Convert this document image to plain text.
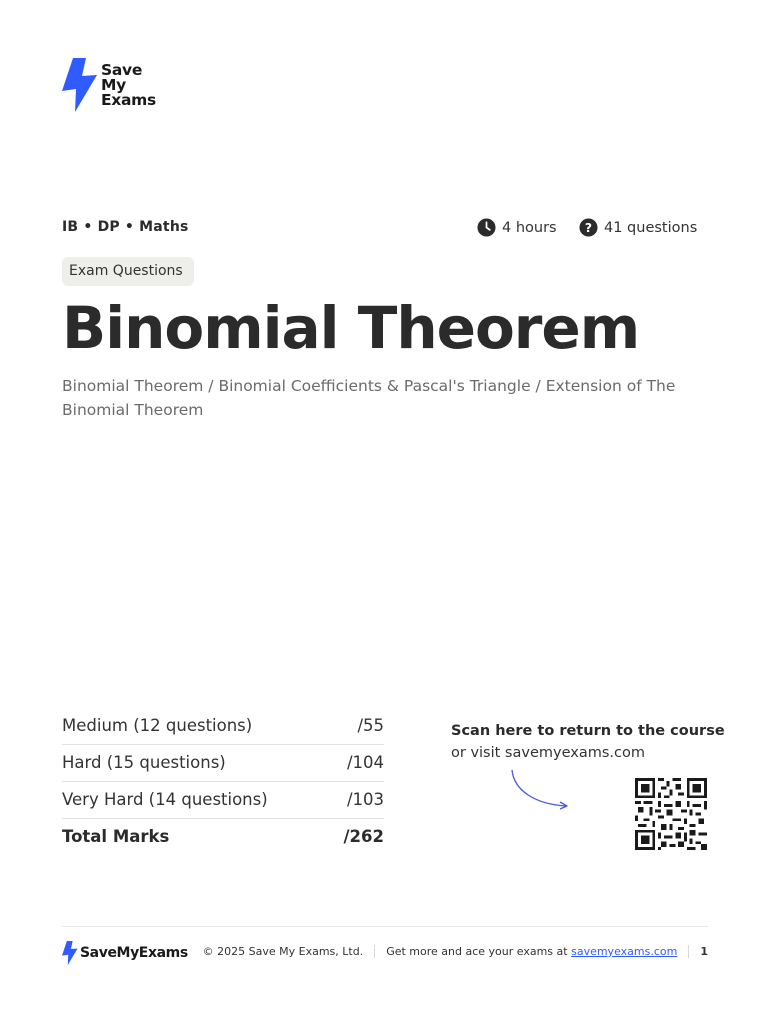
Save
My
Exams
IB • DP • Maths	4 hours ? 41 questions
Exam Questions
Binomial Theorem
Binomial Theorem / Binomial Coefficients & Pascal's Triangle / Extension of The Binomial Theorem
Medium (12 questions)	/55
Hard (15 questions)	/104
Very Hard (14 questions)	/103
Total Marks	/262
Scan here to return to the course
or visit savemyexams.com
SaveMyExams © 2025 Save My Exams, Ltd. Get more and ace your exams at savemyexams.com 1
